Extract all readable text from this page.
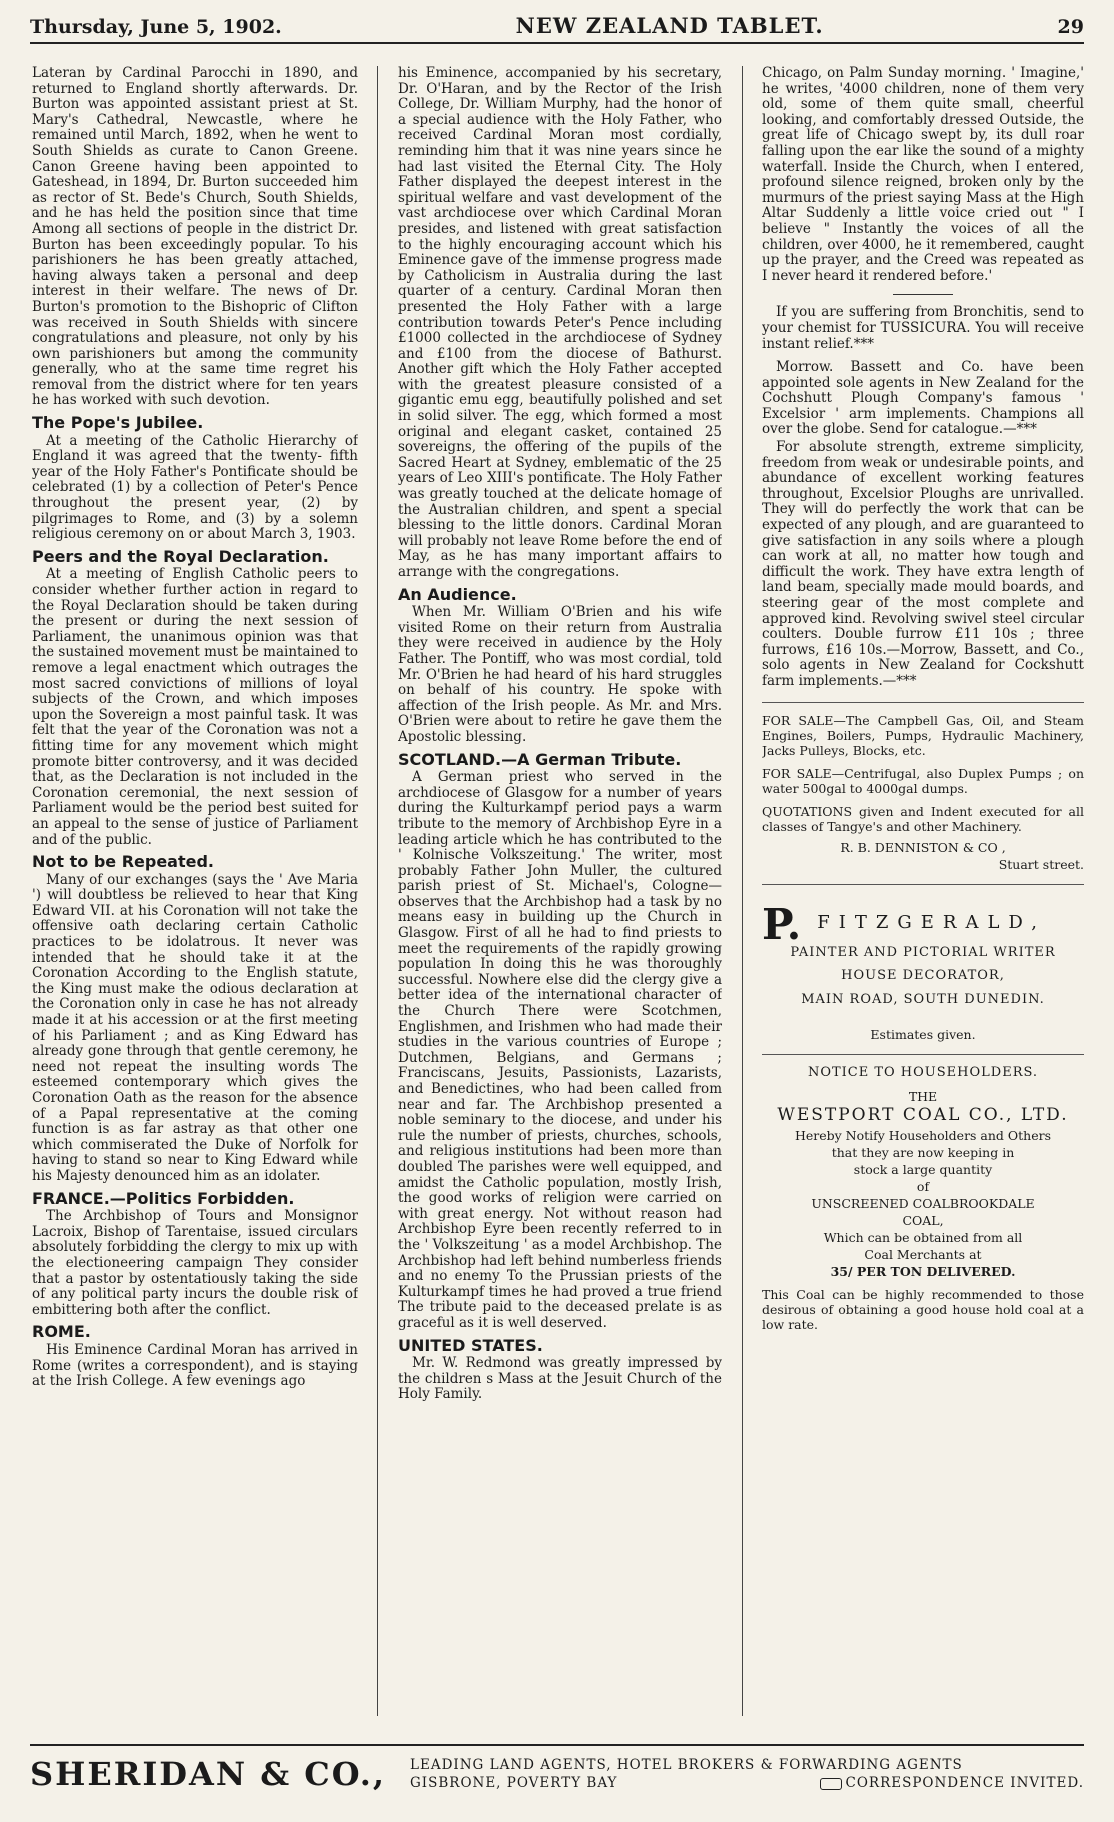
Thursday, June 5, 1902.	NEW ZEALAND TABLET.	29

Lateran by Cardinal Parocchi in 1890, and returned to England shortly afterwards. Dr. Burton was appointed assistant priest at St. Mary's Cathedral, Newcastle, where he remained until March, 1892, when he went to South Shields as curate to Canon Greene. Canon Greene having been appointed to Gateshead, in 1894, Dr. Burton succeeded him as rector of St. Bede's Church, South Shields, and he has held the position since that time Among all sections of people in the district Dr. Burton has been exceedingly popular. To his parishioners he has been greatly attached, having always taken a personal and deep interest in their welfare. The news of Dr. Burton's promotion to the Bishopric of Clifton was received in South Shields with sincere congratulations and pleasure, not only by his own parishioners but among the community generally, who at the same time regret his removal from the district where for ten years he has worked with such devotion.

The Pope's Jubilee.

At a meeting of the Catholic Hierarchy of England it was agreed that the twenty- fifth year of the Holy Father's Pontificate should be celebrated (1) by a collection of Peter's Pence throughout the present year, (2) by pilgrimages to Rome, and (3) by a solemn religious ceremony on or about March 3, 1903.

Peers and the Royal Declaration.

At a meeting of English Catholic peers to consider whether further action in regard to the Royal Declaration should be taken during the present or during the next session of Parliament, the unanimous opinion was that the sustained movement must be maintained to remove a legal enactment which outrages the most sacred convictions of millions of loyal subjects of the Crown, and which imposes upon the Sovereign a most painful task. It was felt that the year of the Coronation was not a fitting time for any movement which might promote bitter controversy, and it was decided that, as the Declaration is not included in the Coronation ceremonial, the next session of Parliament would be the period best suited for an appeal to the sense of justice of Parliament and of the public.

Not to be Repeated.

Many of our exchanges (says the ' Ave Maria ') will doubtless be relieved to hear that King Edward VII. at his Coronation will not take the offensive oath declaring certain Catholic practices to be idolatrous. It never was intended that he should take it at the Coronation According to the English statute, the King must make the odious declaration at the Coronation only in case he has not already made it at his accession or at the first meeting of his Parliament ; and as King Edward has already gone through that gentle ceremony, he need not repeat the insulting words The esteemed contemporary which gives the Coronation Oath as the reason for the absence of a Papal representative at the coming function is as far astray as that other one which commiserated the Duke of Norfolk for having to stand so near to King Edward while his Majesty denounced him as an idolater.

FRANCE.—Politics Forbidden.

The Archbishop of Tours and Monsignor Lacroix, Bishop of Tarentaise, issued circulars absolutely forbidding the clergy to mix up with the electioneering campaign They consider that a pastor by ostentatiously taking the side of any political party incurs the double risk of embittering both after the conflict.

ROME.

His Eminence Cardinal Moran has arrived in Rome (writes a correspondent), and is staying at the Irish College. A few evenings ago

his Eminence, accompanied by his secretary, Dr. O'Haran, and by the Rector of the Irish College, Dr. William Murphy, had the honor of a special audience with the Holy Father, who received Cardinal Moran most cordially, reminding him that it was nine years since he had last visited the Eternal City. The Holy Father displayed the deepest interest in the spiritual welfare and vast development of the vast archdiocese over which Cardinal Moran presides, and listened with great satisfaction to the highly encouraging account which his Eminence gave of the immense progress made by Catholicism in Australia during the last quarter of a century. Cardinal Moran then presented the Holy Father with a large contribution towards Peter's Pence including £1000 collected in the archdiocese of Sydney and £100 from the diocese of Bathurst. Another gift which the Holy Father accepted with the greatest pleasure consisted of a gigantic emu egg, beautifully polished and set in solid silver. The egg, which formed a most original and elegant casket, contained 25 sovereigns, the offering of the pupils of the Sacred Heart at Sydney, emblematic of the 25 years of Leo XIII's pontificate. The Holy Father was greatly touched at the delicate homage of the Australian children, and spent a special blessing to the little donors. Cardinal Moran will probably not leave Rome before the end of May, as he has many important affairs to arrange with the congregations.

An Audience.

When Mr. William O'Brien and his wife visited Rome on their return from Australia they were received in audience by the Holy Father. The Pontiff, who was most cordial, told Mr. O'Brien he had heard of his hard struggles on behalf of his country. He spoke with affection of the Irish people. As Mr. and Mrs. O'Brien were about to retire he gave them the Apostolic blessing.

SCOTLAND.—A German Tribute.

A German priest who served in the archdiocese of Glasgow for a number of years during the Kulturkampf period pays a warm tribute to the memory of Archbishop Eyre in a leading article which he has contributed to the ' Kolnische Volkszeitung.' The writer, most probably Father John Muller, the cultured parish priest of St. Michael's, Cologne—observes that the Archbishop had a task by no means easy in building up the Church in Glasgow. First of all he had to find priests to meet the requirements of the rapidly growing population In doing this he was thoroughly successful. Nowhere else did the clergy give a better idea of the international character of the Church There were Scotchmen, Englishmen, and Irishmen who had made their studies in the various countries of Europe ; Dutchmen, Belgians, and Germans ; Franciscans, Jesuits, Passionists, Lazarists, and Benedictines, who had been called from near and far. The Archbishop presented a noble seminary to the diocese, and under his rule the number of priests, churches, schools, and religious institutions had been more than doubled The parishes were well equipped, and amidst the Catholic population, mostly Irish, the good works of religion were carried on with great energy. Not without reason had Archbishop Eyre been recently referred to in the ' Volkszeitung ' as a model Archbishop. The Archbishop had left behind numberless friends and no enemy To the Prussian priests of the Kulturkampf times he had proved a true friend The tribute paid to the deceased prelate is as graceful as it is well deserved.

UNITED STATES.

Mr. W. Redmond was greatly impressed by the children s Mass at the Jesuit Church of the Holy Family.

Chicago, on Palm Sunday morning. ' Imagine,' he writes, '4000 children, none of them very old, some of them quite small, cheerful looking, and comfortably dressed Outside, the great life of Chicago swept by, its dull roar falling upon the ear like the sound of a mighty waterfall. Inside the Church, when I entered, profound silence reigned, broken only by the murmurs of the priest saying Mass at the High Altar Suddenly a little voice cried out " I believe " Instantly the voices of all the children, over 4000, he it remembered, caught up the prayer, and the Creed was repeated as I never heard it rendered before.'

If you are suffering from Bronchitis, send to your chemist for TUSSICURA. You will receive instant relief.***

Morrow. Bassett and Co. have been appointed sole agents in New Zealand for the Cochshutt Plough Company's famous ' Excelsior ' arm implements. Champions all over the globe. Send for catalogue.—***

For absolute strength, extreme simplicity, freedom from weak or undesirable points, and abundance of excellent working features throughout, Excelsior Ploughs are unrivalled. They will do perfectly the work that can be expected of any plough, and are guaranteed to give satisfaction in any soils where a plough can work at all, no matter how tough and difficult the work. They have extra length of land beam, specially made mould boards, and steering gear of the most complete and approved kind. Revolving swivel steel circular coulters. Double furrow £11 10s ; three furrows, £16 10s.—Morrow, Bassett, and Co., solo agents in New Zealand for Cockshutt farm implements.—***

FOR SALE—The Campbell Gas, Oil, and Steam Engines, Boilers, Pumps, Hydraulic Machinery, Jacks Pulleys, Blocks, etc.

FOR SALE—Centrifugal, also Duplex Pumps ; on water 500gal to 4000gal dumps.

QUOTATIONS given and Indent executed for all classes of Tangye's and other Machinery.

R. B. DENNISTON & CO ,

Stuart street.

P. FITZGERALD,

PAINTER AND PICTORIAL WRITER

HOUSE DECORATOR,

MAIN ROAD, SOUTH DUNEDIN.

Estimates given.

NOTICE TO HOUSEHOLDERS.

THE

WESTPORT COAL CO., LTD.

Hereby Notify Householders and Others

that they are now keeping in

stock a large quantity

of

UNSCREENED COALBROOKDALE

COAL,

Which can be obtained from all

Coal Merchants at

35/ PER TON DELIVERED.

This Coal can be highly recommended to those desirous of obtaining a good house hold coal at a low rate.

SHERIDAN & CO.,	LEADING LAND AGENTS, HOTEL BROKERS & FORWARDING AGENTS
GISBRONE, POVERTY BAY	CORRESPONDENCE INVITED.
